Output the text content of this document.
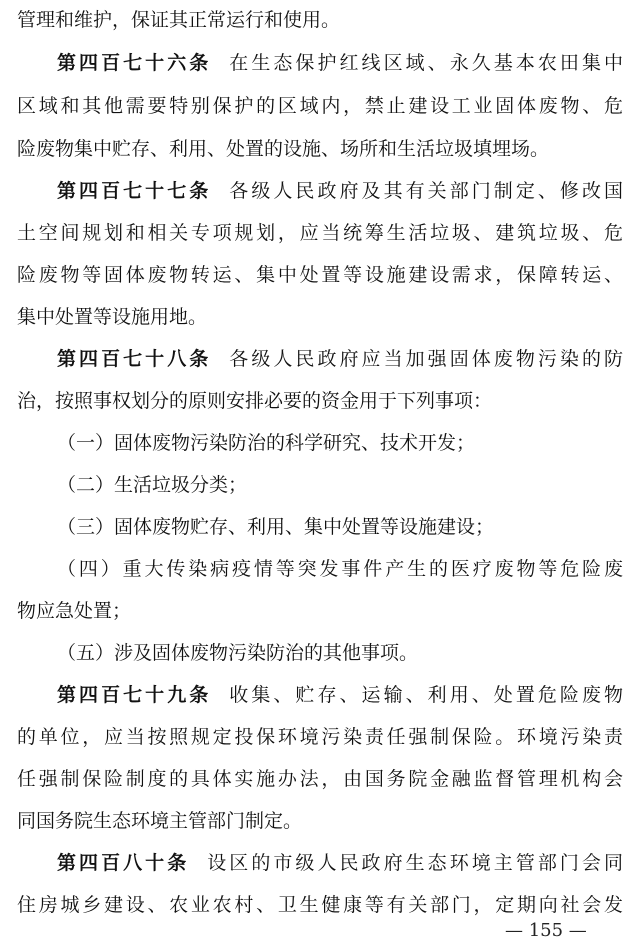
管理和维护，保证其正常运行和使用。
第四百七十六条 在生态保护红线区域、永久基本农田集中
区域和其他需要特别保护的区域内，禁止建设工业固体废物、危
险废物集中贮存、利用、处置的设施、场所和生活垃圾填埋场。
第四百七十七条 各级人民政府及其有关部门制定、修改国
土空间规划和相关专项规划，应当统筹生活垃圾、建筑垃圾、危
险废物等固体废物转运、集中处置等设施建设需求，保障转运、
集中处置等设施用地。
第四百七十八条 各级人民政府应当加强固体废物污染的防
治，按照事权划分的原则安排必要的资金用于下列事项：
（一）固体废物污染防治的科学研究、技术开发；
（二）生活垃圾分类；
（三）固体废物贮存、利用、集中处置等设施建设；
（四）重大传染病疫情等突发事件产生的医疗废物等危险废
物应急处置；
（五）涉及固体废物污染防治的其他事项。
第四百七十九条 收集、贮存、运输、利用、处置危险废物
的单位，应当按照规定投保环境污染责任强制保险。环境污染责
任强制保险制度的具体实施办法，由国务院金融监督管理机构会
同国务院生态环境主管部门制定。
第四百八十条 设区的市级人民政府生态环境主管部门会同
— 155 —
住房城乡建设、农业农村、卫生健康等有关部门，定期向社会发
